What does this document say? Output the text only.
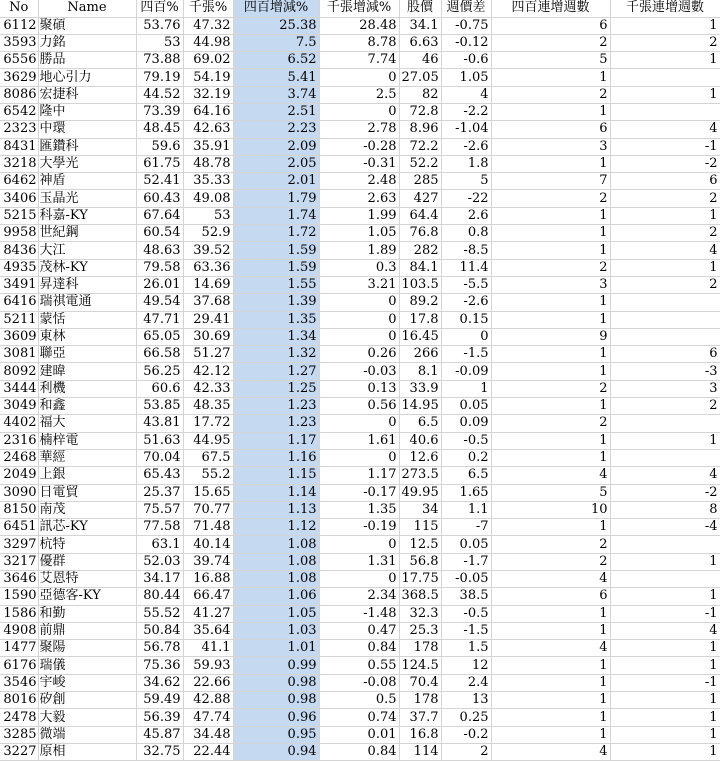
No	Name	四百%	千張%	四百增減%	千張增減%	股價	週價差	四百連增週數	千張連增週數
6112	聚碩	53.76	47.32	25.38	28.48	34.1	-0.75	6	1
3593	力銘	53	44.98	7.5	8.78	6.63	-0.12	2	2
6556	勝品	73.88	69.02	6.52	7.74	46	-0.6	5	1
3629	地心引力	79.19	54.19	5.41	0	27.05	1.05	1	
8086	宏捷科	44.52	32.19	3.74	2.5	82	4	2	1
6542	隆中	73.39	64.16	2.51	0	72.8	-2.2	1	
2323	中環	48.45	42.63	2.23	2.78	8.96	-1.04	6	4
8431	匯鑽科	59.6	35.91	2.09	-0.28	72.2	-2.6	3	-1
3218	大學光	61.75	48.78	2.05	-0.31	52.2	1.8	1	-2
6462	神盾	52.41	35.33	2.01	2.48	285	5	7	6
3406	玉晶光	60.43	49.08	1.79	2.63	427	-22	2	2
5215	科嘉-KY	67.64	53	1.74	1.99	64.4	2.6	1	1
9958	世紀鋼	60.54	52.9	1.72	1.05	76.8	0.8	1	2
8436	大江	48.63	39.52	1.59	1.89	282	-8.5	1	4
4935	茂林-KY	79.58	63.36	1.59	0.3	84.1	11.4	2	1
3491	昇達科	26.01	14.69	1.55	3.21	103.5	-5.5	3	2
6416	瑞祺電通	49.54	37.68	1.39	0	89.2	-2.6	1	
5211	蒙恬	47.71	29.41	1.35	0	17.8	0.15	1	
3609	東林	65.05	30.69	1.34	0	16.45	0	9	
3081	聯亞	66.58	51.27	1.32	0.26	266	-1.5	1	6
8092	建暐	56.25	42.12	1.27	-0.03	8.1	-0.09	1	-3
3444	利機	60.6	42.33	1.25	0.13	33.9	1	2	3
3049	和鑫	53.85	48.35	1.23	0.56	14.95	0.05	1	2
4402	福大	43.81	17.72	1.23	0	6.5	0.09	2	
2316	楠梓電	51.63	44.95	1.17	1.61	40.6	-0.5	1	1
2468	華經	70.04	67.5	1.16	0	12.6	0.2	1	
2049	上銀	65.43	55.2	1.15	1.17	273.5	6.5	4	4
3090	日電貿	25.37	15.65	1.14	-0.17	49.95	1.65	5	-2
8150	南茂	75.57	70.77	1.13	1.35	34	1.1	10	8
6451	訊芯-KY	77.58	71.48	1.12	-0.19	115	-7	1	-4
3297	杭特	63.1	40.14	1.08	0	12.5	0.05	2	
3217	優群	52.03	39.74	1.08	1.31	56.8	-1.7	2	1
3646	艾恩特	34.17	16.88	1.08	0	17.75	-0.05	4	
1590	亞德客-KY	80.44	66.47	1.06	2.34	368.5	38.5	6	1
1586	和勤	55.52	41.27	1.05	-1.48	32.3	-0.5	1	-1
4908	前鼎	50.84	35.64	1.03	0.47	25.3	-1.5	1	4
1477	聚陽	56.78	41.1	1.01	0.84	178	1.5	4	1
6176	瑞儀	75.36	59.93	0.99	0.55	124.5	12	1	1
3546	宇峻	34.62	22.66	0.98	-0.08	70.4	2.4	1	-1
8016	矽創	59.49	42.88	0.98	0.5	178	13	1	1
2478	大毅	56.39	47.74	0.96	0.74	37.7	0.25	1	1
3285	微端	45.87	34.48	0.95	0.01	16.8	-0.2	1	1
3227	原相	32.75	22.44	0.94	0.84	114	2	4	1
